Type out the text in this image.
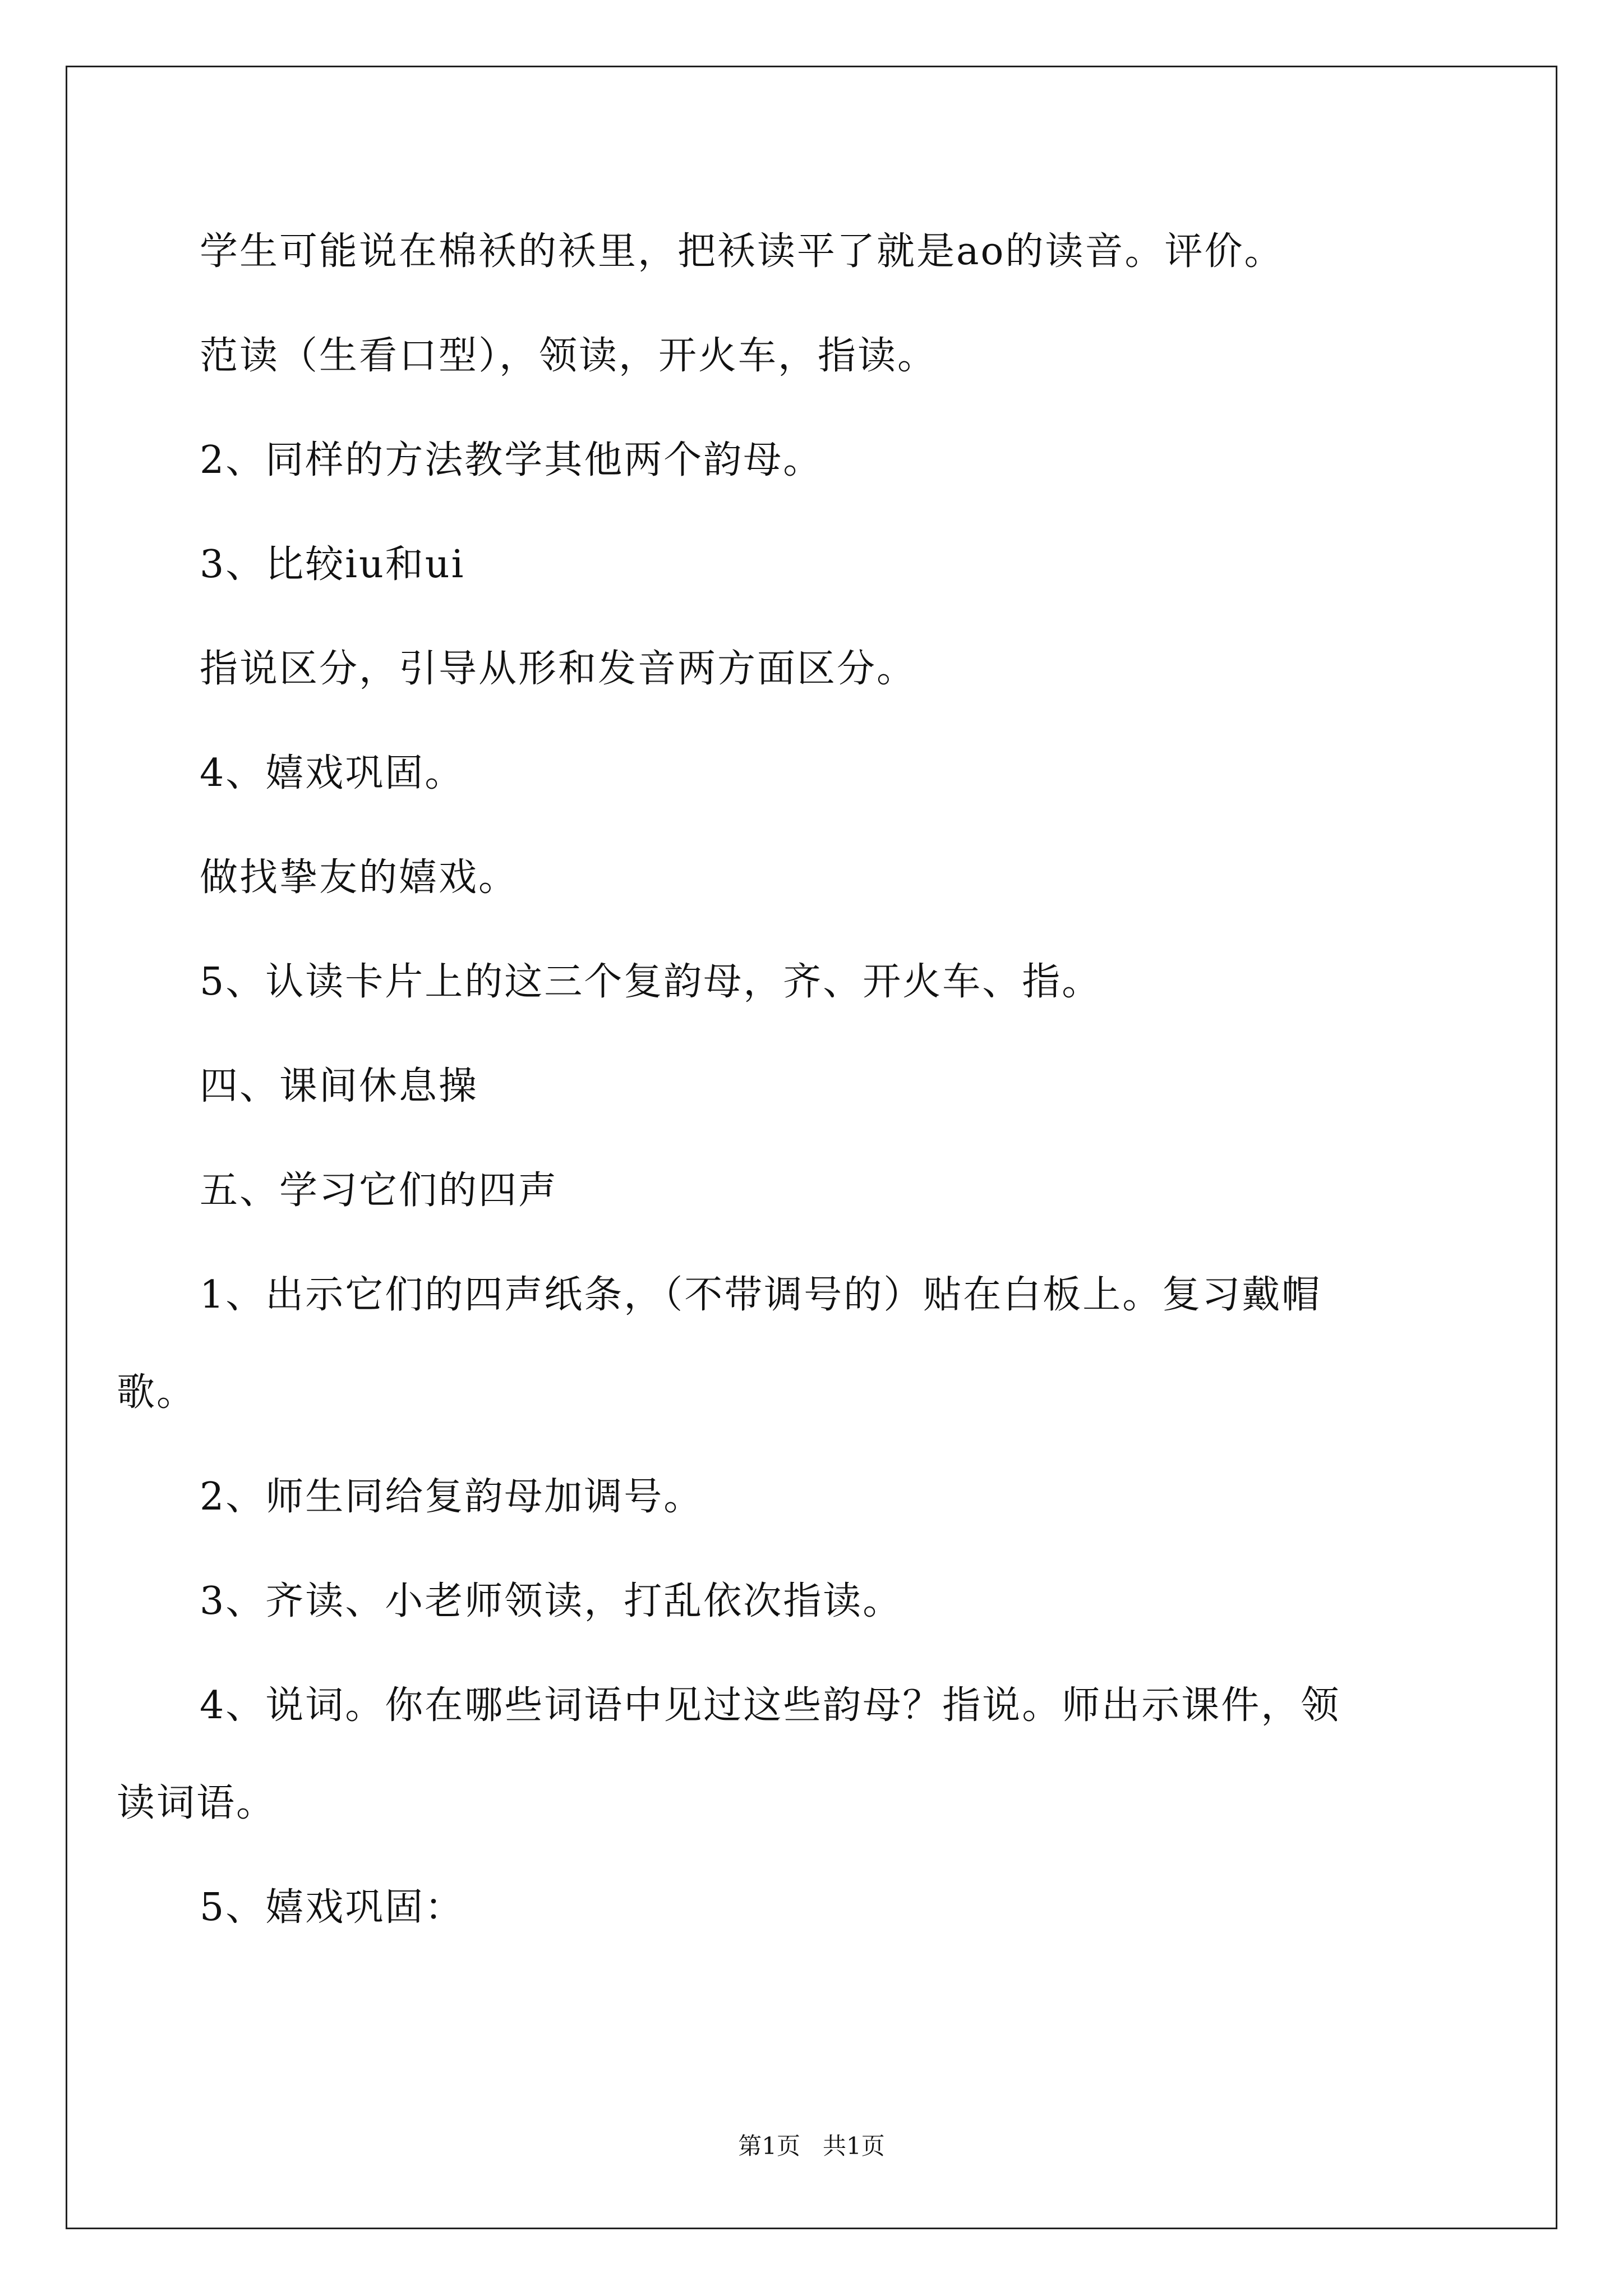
学生可能说在棉袄的袄里，把袄读平了就是ao的读音。评价。
范读（生看口型），领读，开火车，指读。
2、同样的方法教学其他两个韵母。
3、比较iu和ui
指说区分，引导从形和发音两方面区分。
4、嬉戏巩固。
做找挚友的嬉戏。
5、认读卡片上的这三个复韵母，齐、开火车、指。
四、课间休息操
五、学习它们的四声
1、出示它们的四声纸条，（不带调号的）贴在白板上。复习戴帽
歌。
2、师生同给复韵母加调号。
3、齐读、小老师领读，打乱依次指读。
4、说词。你在哪些词语中见过这些韵母？指说。师出示课件，领
读词语。
5、嬉戏巩固：
第1页 共1页
